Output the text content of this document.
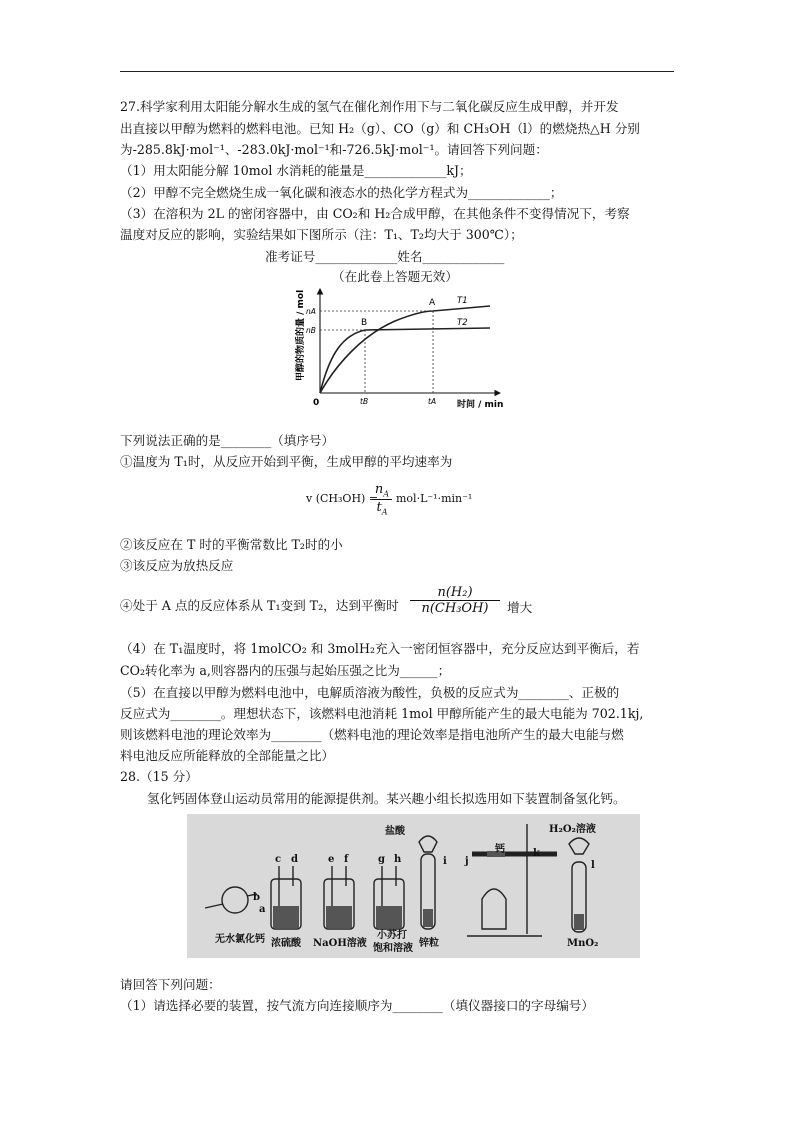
27.科学家利用太阳能分解水生成的氢气在催化剂作用下与二氧化碳反应生成甲醇，并开发
出直接以甲醇为燃料的燃料电池。已知 H₂（g）、CO（g）和 CH₃OH（l）的燃烧热△H 分别
为-285.8kJ·mol⁻¹、-283.0kJ·mol⁻¹和-726.5kJ·mol⁻¹。请回答下列问题：
（1）用太阳能分解 10mol 水消耗的能量是_____________kJ；
（2）甲醇不完全燃烧生成一氧化碳和液态水的热化学方程式为_____________；
（3）在溶积为 2L 的密闭容器中，由 CO₂和 H₂合成甲醇，在其他条件不变得情况下，考察
温度对反应的影响，实验结果如下图所示（注：T₁、T₂均大于 300℃）；
准考证号_____________姓名_____________
（在此卷上答题无效）
甲醇的物质的量 / mol
时间 / min
0
nA
nB
tB	tA
A
B
T1
T2
下列说法正确的是________（填序号）
①温度为 T₁时，从反应开始到平衡，生成甲醇的平均速率为
v (CH₃OH) =
$\frac{n_A}{t_A} mol\cdot L^{-1}\cdot\min^{-1}$
②该反应在 T 时的平衡常数比 T₂时的小
③该反应为放热反应
④处于 A 点的反应体系从 T₁变到 T₂，达到平衡时 $\frac{\text{n(H₂)}}{\text{n(CH₃OH)}}$ 增大
（4）在 T₁温度时，将 1molCO₂ 和 3molH₂充入一密闭恒容器中，充分反应达到平衡后，若
CO₂转化率为 a,则容器内的压强与起始压强之比为______；
（5）在直接以甲醇为燃料电池中，电解质溶液为酸性，负极的反应式为________、正极的
反应式为________。理想状态下，该燃料电池消耗 1mol 甲醇所能产生的最大电能为 702.1kj,
则该燃料电池的理论效率为________（燃料电池的理论效率是指电池所产生的最大电能与燃
料电池反应所能释放的全部能量之比）
28.（15 分）
氢化钙固体登山运动员常用的能源提供剂。某兴趣小组长拟选用如下装置制备氢化钙。
盐酸	H₂O₂溶液
钙
无水氯化钙 浓硫酸 NaOH溶液
小苏打
饱和溶液 锌粒	MnO₂
a
b
c d	e f	g h	i j
k
l
请回答下列问题：
（1）请选择必要的装置，按气流方向连接顺序为________（填仪器接口的字母编号）
